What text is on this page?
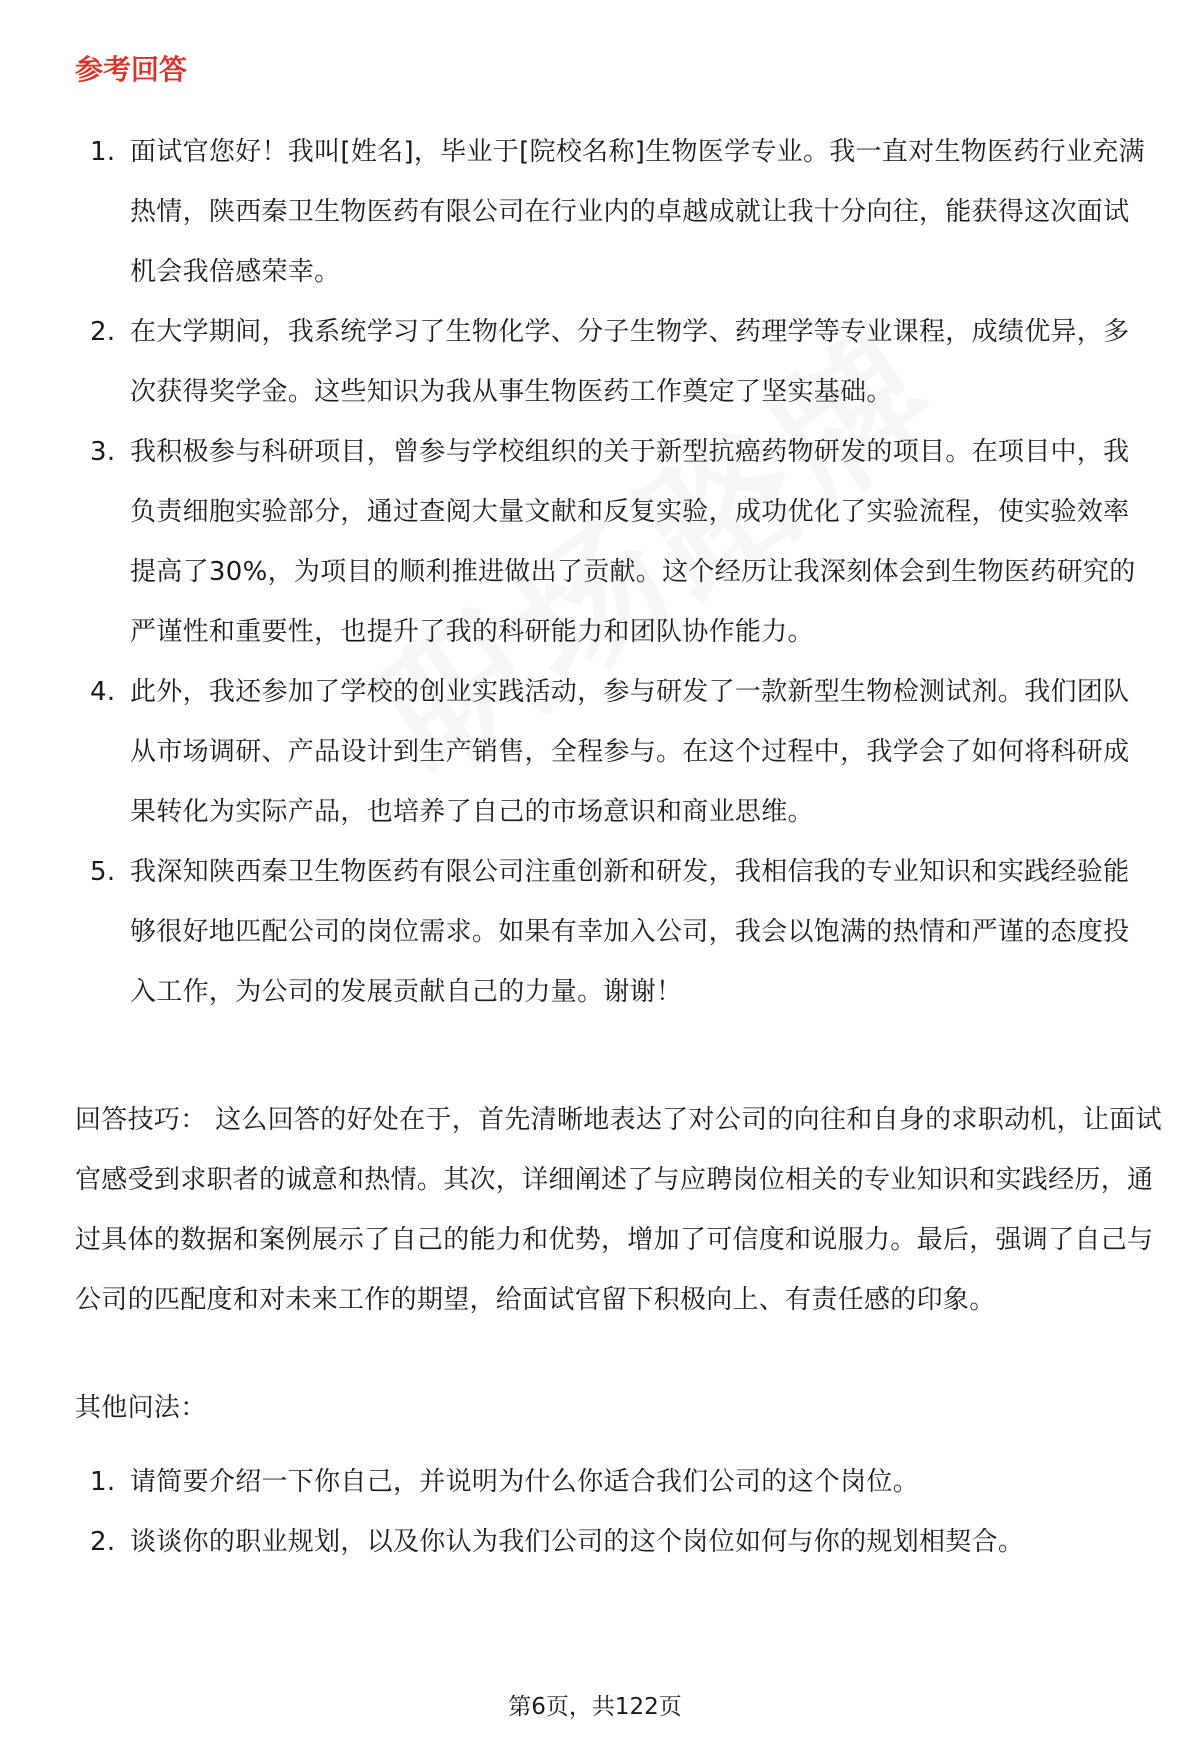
参考回答
1. 面试官您好！我叫[姓名]，毕业于[院校名称]生物医学专业。我一直对生物医药行业充满热情，陕西秦卫生物医药有限公司在行业内的卓越成就让我十分向往，能获得这次面试机会我倍感荣幸。
2. 在大学期间，我系统学习了生物化学、分子生物学、药理学等专业课程，成绩优异，多次获得奖学金。这些知识为我从事生物医药工作奠定了坚实基础。
3. 我积极参与科研项目，曾参与学校组织的关于新型抗癌药物研发的项目。在项目中，我负责细胞实验部分，通过查阅大量文献和反复实验，成功优化了实验流程，使实验效率提高了30%，为项目的顺利推进做出了贡献。这个经历让我深刻体会到生物医药研究的严谨性和重要性，也提升了我的科研能力和团队协作能力。
4. 此外，我还参加了学校的创业实践活动，参与研发了一款新型生物检测试剂。我们团队从市场调研、产品设计到生产销售，全程参与。在这个过程中，我学会了如何将科研成果转化为实际产品，也培养了自己的市场意识和商业思维。
5. 我深知陕西秦卫生物医药有限公司注重创新和研发，我相信我的专业知识和实践经验能够很好地匹配公司的岗位需求。如果有幸加入公司，我会以饱满的热情和严谨的态度投入工作，为公司的发展贡献自己的力量。谢谢！

回答技巧： 这么回答的好处在于，首先清晰地表达了对公司的向往和自身的求职动机，让面试官感受到求职者的诚意和热情。其次，详细阐述了与应聘岗位相关的专业知识和实践经历，通过具体的数据和案例展示了自己的能力和优势，增加了可信度和说服力。最后，强调了自己与公司的匹配度和对未来工作的期望，给面试官留下积极向上、有责任感的印象。

其他问法：

1. 请简要介绍一下你自己，并说明为什么你适合我们公司的这个岗位。
2. 谈谈你的职业规划，以及你认为我们公司的这个岗位如何与你的规划相契合。
第6页，共122页
